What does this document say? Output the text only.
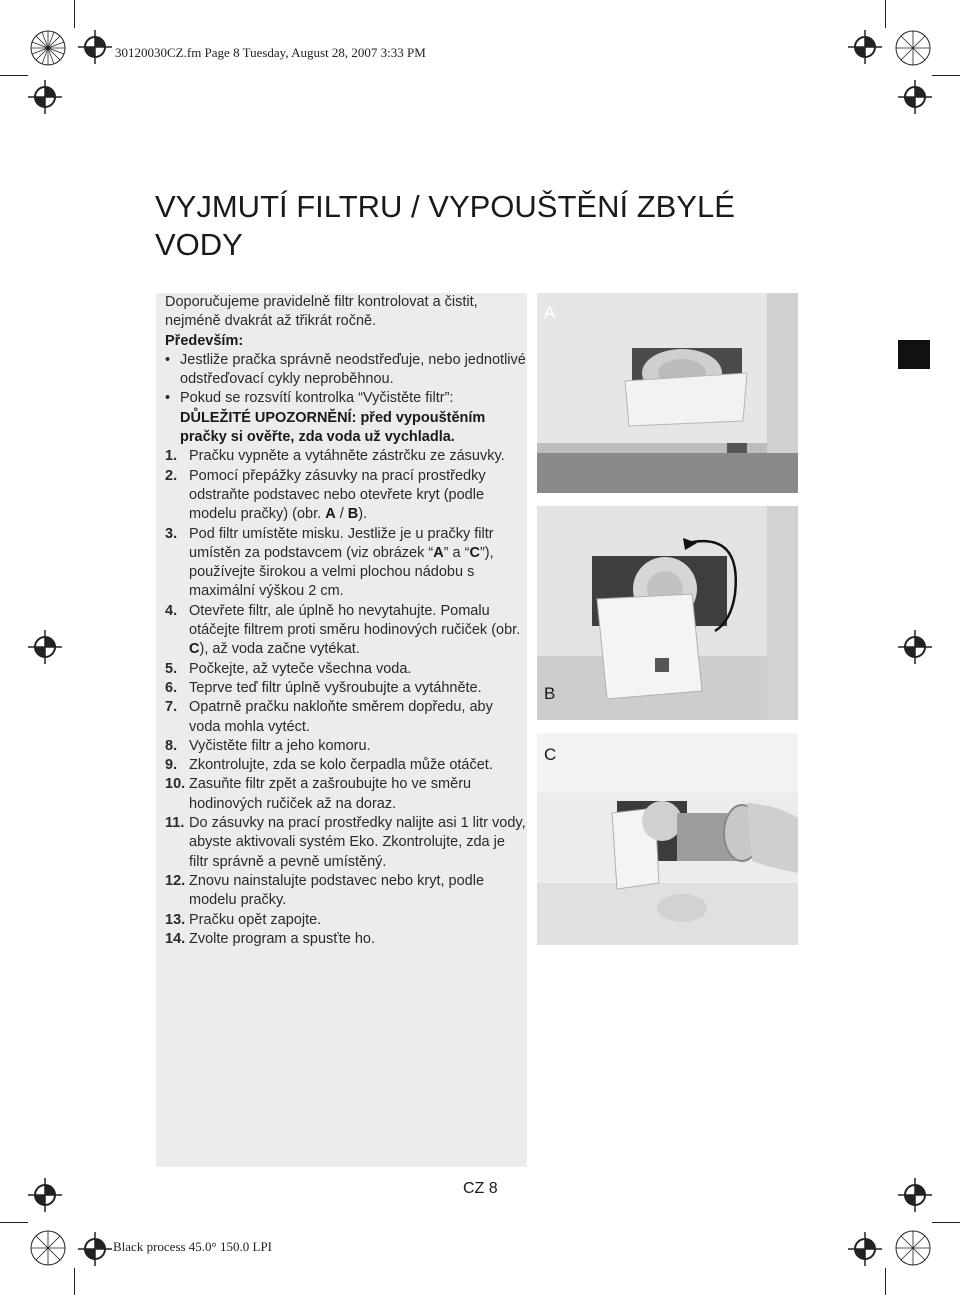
30120030CZ.fm Page 8 Tuesday, August 28, 2007 3:33 PM
Black process 45.0° 150.0 LPI
VYJMUTÍ FILTRU / VYPOUŠTĚNÍ ZBYLÉ VODY

Doporučujeme pravidelně filtr kontrolovat a čistit, nejméně dvakrát až třikrát ročně.

Především:

• Jestliže pračka správně neodstřeďuje, nebo jednotlivé odstřeďovací cykly neproběhnou.
• Pokud se rozsvítí kontrolka “Vyčistěte filtr”:
DŮLEŽITÉ UPOZORNĚNÍ: před vypouštěním pračky si ověřte, zda voda už vychladla.
1. Pračku vypněte a vytáhněte zástrčku ze zásuvky.
2. Pomocí přepážky zásuvky na prací prostředky odstraňte podstavec nebo otevřete kryt (podle modelu pračky) (obr. A / B).
3. Pod filtr umístěte misku. Jestliže je u pračky filtr umístěn za podstavcem (viz obrázek “A” a “C”), používejte širokou a velmi plochou nádobu s maximální výškou 2 cm.
4. Otevřete filtr, ale úplně ho nevytahujte. Pomalu otáčejte filtrem proti směru hodinových ručiček (obr. C), až voda začne vytékat.
5. Počkejte, až vyteče všechna voda.
6. Teprve teď filtr úplně vyšroubujte a vytáhněte.
7. Opatrně pračku nakloňte směrem dopředu, aby voda mohla vytéct.
8. Vyčistěte filtr a jeho komoru.
9. Zkontrolujte, zda se kolo čerpadla může otáčet.
10. Zasuňte filtr zpět a zašroubujte ho ve směru hodinových ručiček až na doraz.
11. Do zásuvky na prací prostředky nalijte asi 1 litr vody, abyste aktivovali systém Eko. Zkontrolujte, zda je filtr správně a pevně umístěný.
12. Znovu nainstalujte podstavec nebo kryt, podle modelu pračky.
13. Pračku opět zapojte.
14. Zvolte program a spusťte ho.
A
B
C
CZ 8
